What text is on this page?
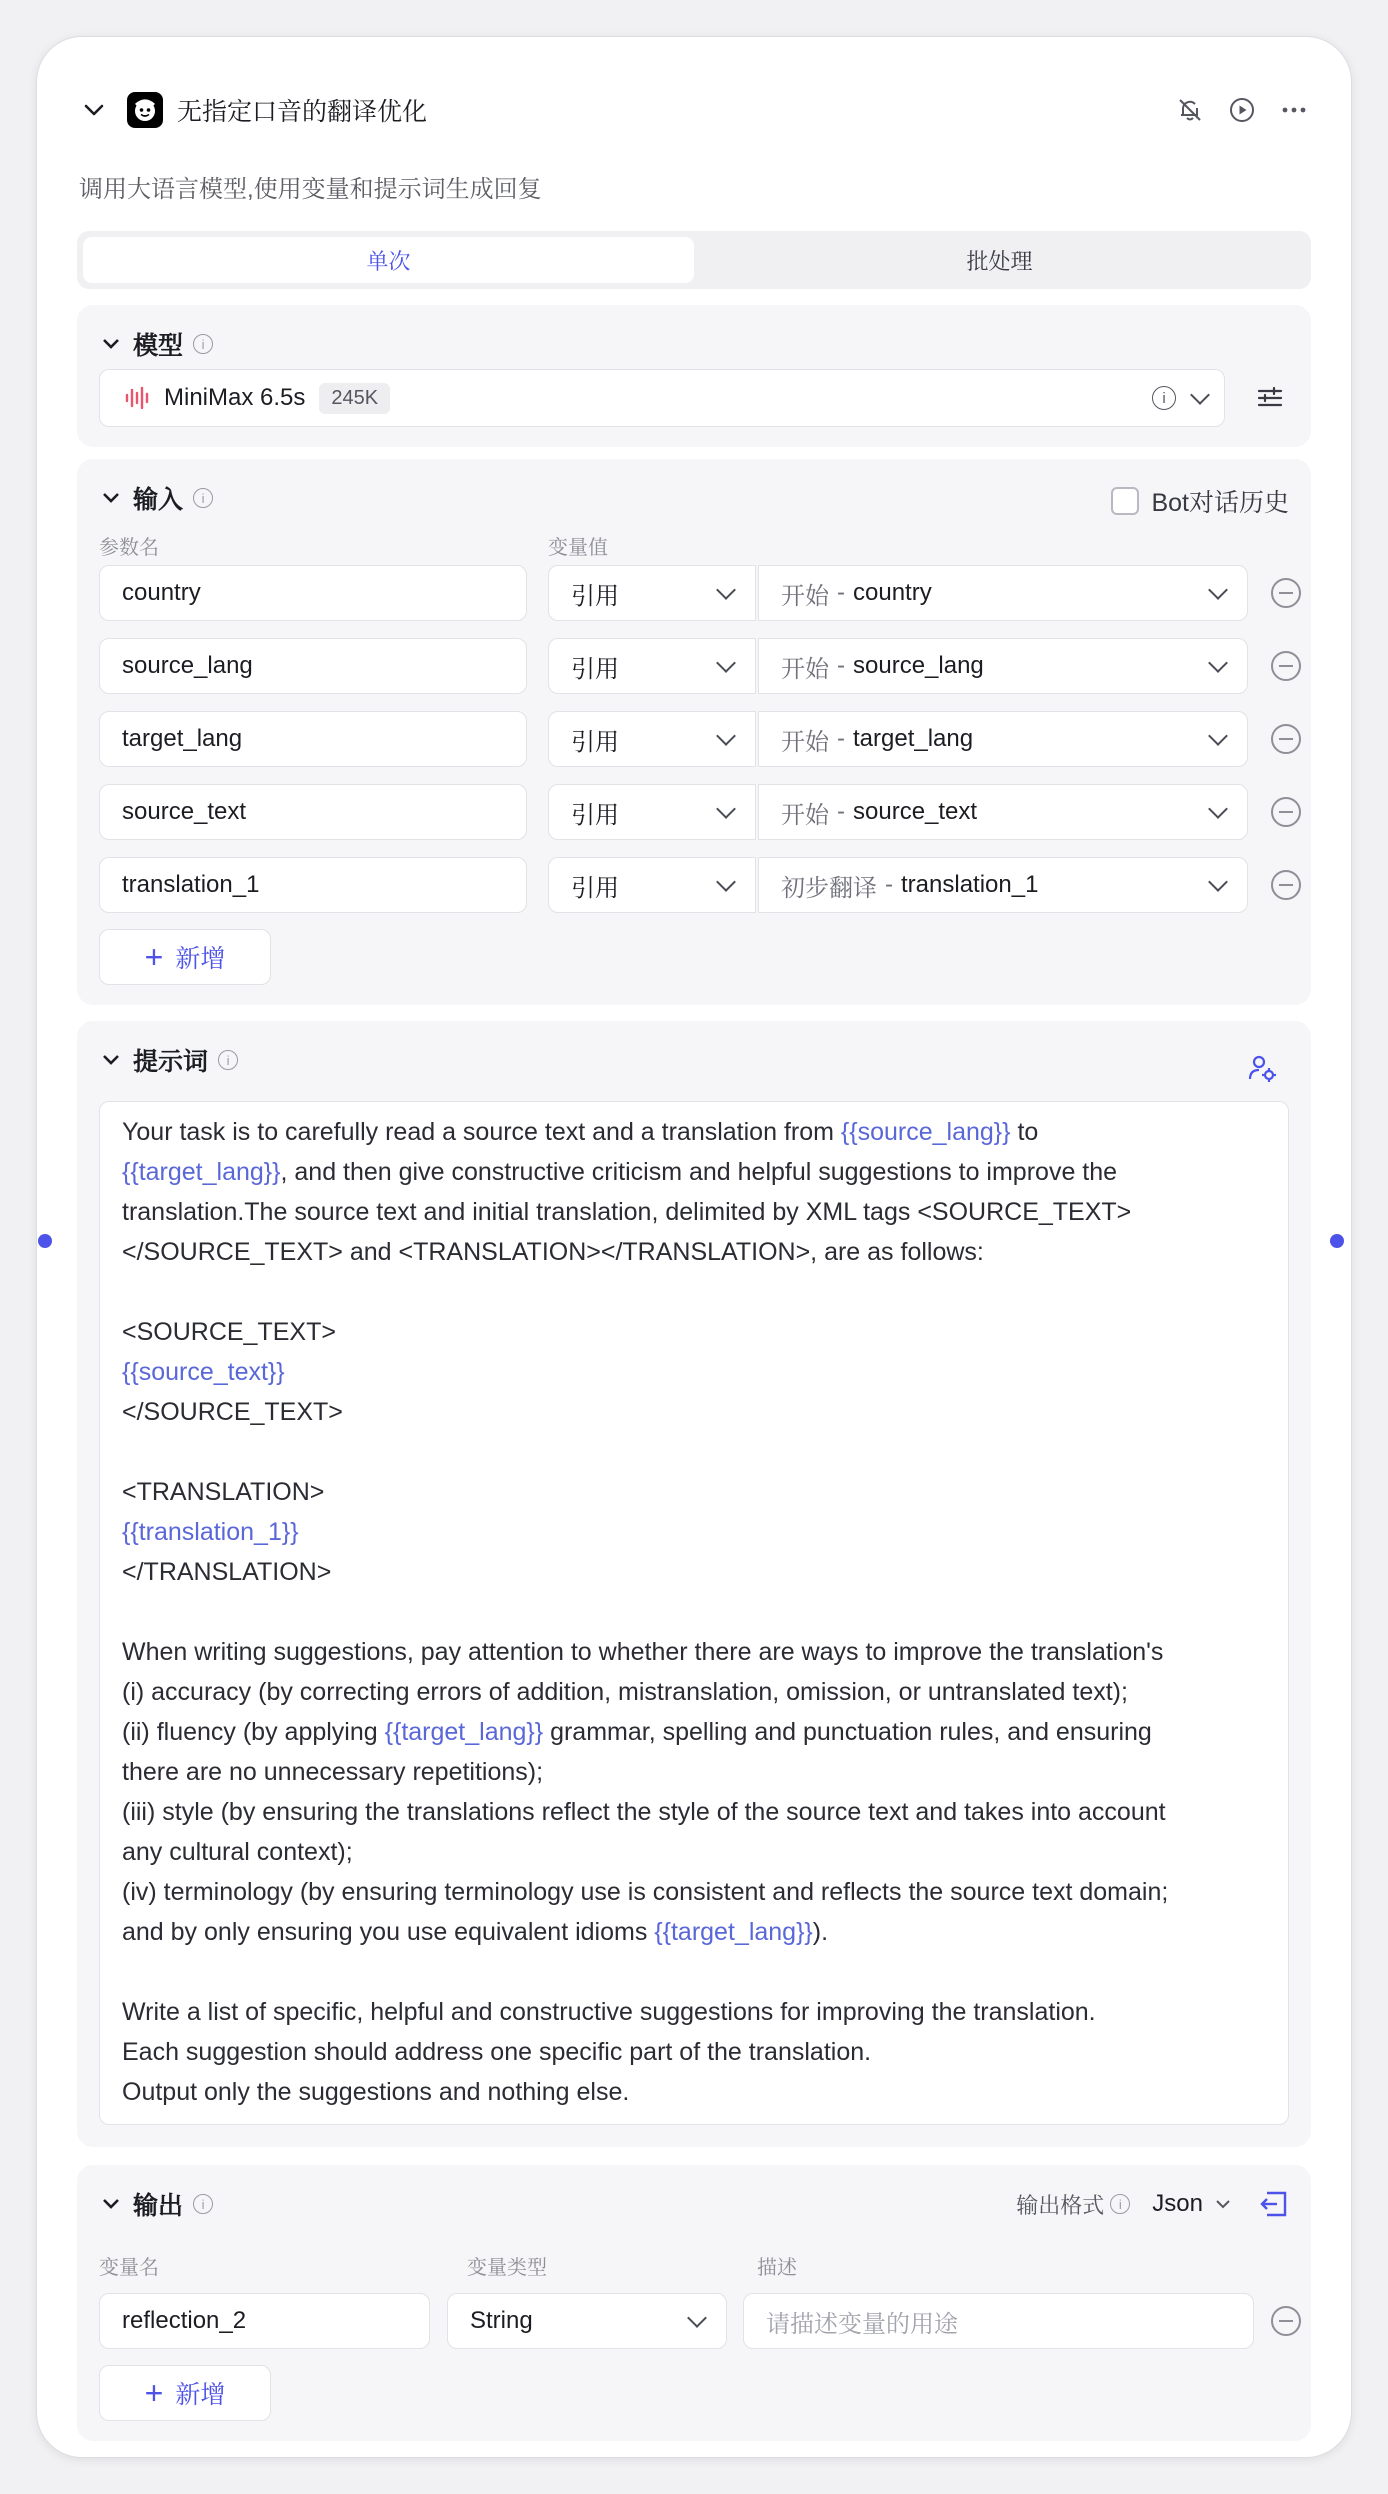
无指定口音的翻译优化
调用大语言模型,使用变量和提示词生成回复
单次	批处理
模型	i
MiniMax 6.5s	245K	i
输入	i	Bot对话历史
参数名	变量值
country	引用	开始 - country
source_lang	引用	开始 - source_lang
target_lang	引用	开始 - target_lang
source_text	引用	开始 - source_text
translation_1	引用	初步翻译 - translation_1
+ 新增
提示词	i
Your task is to carefully read a source text and a translation from {{source_lang}} to
{{target_lang}}, and then give constructive criticism and helpful suggestions to improve the
translation.The source text and initial translation, delimited by XML tags <SOURCE_TEXT>
</SOURCE_TEXT> and <TRANSLATION></TRANSLATION>, are as follows:

<SOURCE_TEXT>
{{source_text}}
</SOURCE_TEXT>

<TRANSLATION>
{{translation_1}}
</TRANSLATION>

When writing suggestions, pay attention to whether there are ways to improve the translation's
(i) accuracy (by correcting errors of addition, mistranslation, omission, or untranslated text);
(ii) fluency (by applying {{target_lang}} grammar, spelling and punctuation rules, and ensuring
there are no unnecessary repetitions);
(iii) style (by ensuring the translations reflect the style of the source text and takes into account
any cultural context);
(iv) terminology (by ensuring terminology use is consistent and reflects the source text domain;
and by only ensuring you use equivalent idioms {{target_lang}}).

Write a list of specific, helpful and constructive suggestions for improving the translation.
Each suggestion should address one specific part of the translation.
Output only the suggestions and nothing else.
输出	i	输出格式	i	Json
变量名	变量类型	描述
reflection_2	String	请描述变量的用途
+ 新增
